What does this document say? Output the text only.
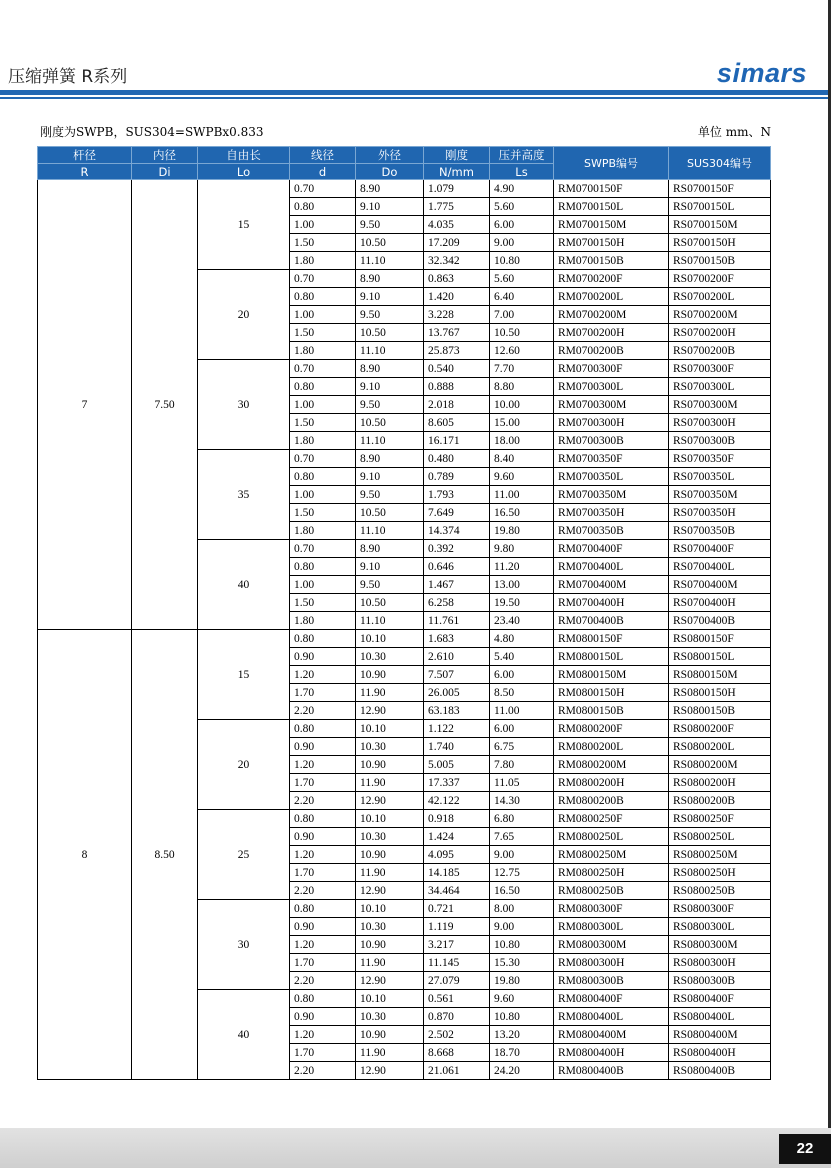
压缩弹簧 R系列	simars
刚度为SWPB，SUS304=SWPBx0.833	单位 mm、N
杆径	内径	自由长	线径	外径	刚度	压并高度	SWPB编号	SUS304编号
R	Di	Lo	d	Do	N/mm	Ls		
7	7.50	15	0.70	8.90	1.079	4.90	RM0700150F	RS0700150F
			0.80	9.10	1.775	5.60	RM0700150L	RS0700150L
			1.00	9.50	4.035	6.00	RM0700150M	RS0700150M
			1.50	10.50	17.209	9.00	RM0700150H	RS0700150H
			1.80	11.10	32.342	10.80	RM0700150B	RS0700150B
		20	0.70	8.90	0.863	5.60	RM0700200F	RS0700200F
			0.80	9.10	1.420	6.40	RM0700200L	RS0700200L
			1.00	9.50	3.228	7.00	RM0700200M	RS0700200M
			1.50	10.50	13.767	10.50	RM0700200H	RS0700200H
			1.80	11.10	25.873	12.60	RM0700200B	RS0700200B
		30	0.70	8.90	0.540	7.70	RM0700300F	RS0700300F
			0.80	9.10	0.888	8.80	RM0700300L	RS0700300L
			1.00	9.50	2.018	10.00	RM0700300M	RS0700300M
			1.50	10.50	8.605	15.00	RM0700300H	RS0700300H
			1.80	11.10	16.171	18.00	RM0700300B	RS0700300B
		35	0.70	8.90	0.480	8.40	RM0700350F	RS0700350F
			0.80	9.10	0.789	9.60	RM0700350L	RS0700350L
			1.00	9.50	1.793	11.00	RM0700350M	RS0700350M
			1.50	10.50	7.649	16.50	RM0700350H	RS0700350H
			1.80	11.10	14.374	19.80	RM0700350B	RS0700350B
		40	0.70	8.90	0.392	9.80	RM0700400F	RS0700400F
			0.80	9.10	0.646	11.20	RM0700400L	RS0700400L
			1.00	9.50	1.467	13.00	RM0700400M	RS0700400M
			1.50	10.50	6.258	19.50	RM0700400H	RS0700400H
			1.80	11.10	11.761	23.40	RM0700400B	RS0700400B
8	8.50	15	0.80	10.10	1.683	4.80	RM0800150F	RS0800150F
			0.90	10.30	2.610	5.40	RM0800150L	RS0800150L
			1.20	10.90	7.507	6.00	RM0800150M	RS0800150M
			1.70	11.90	26.005	8.50	RM0800150H	RS0800150H
			2.20	12.90	63.183	11.00	RM0800150B	RS0800150B
		20	0.80	10.10	1.122	6.00	RM0800200F	RS0800200F
			0.90	10.30	1.740	6.75	RM0800200L	RS0800200L
			1.20	10.90	5.005	7.80	RM0800200M	RS0800200M
			1.70	11.90	17.337	11.05	RM0800200H	RS0800200H
			2.20	12.90	42.122	14.30	RM0800200B	RS0800200B
		25	0.80	10.10	0.918	6.80	RM0800250F	RS0800250F
			0.90	10.30	1.424	7.65	RM0800250L	RS0800250L
			1.20	10.90	4.095	9.00	RM0800250M	RS0800250M
			1.70	11.90	14.185	12.75	RM0800250H	RS0800250H
			2.20	12.90	34.464	16.50	RM0800250B	RS0800250B
		30	0.80	10.10	0.721	8.00	RM0800300F	RS0800300F
			0.90	10.30	1.119	9.00	RM0800300L	RS0800300L
			1.20	10.90	3.217	10.80	RM0800300M	RS0800300M
			1.70	11.90	11.145	15.30	RM0800300H	RS0800300H
			2.20	12.90	27.079	19.80	RM0800300B	RS0800300B
		40	0.80	10.10	0.561	9.60	RM0800400F	RS0800400F
			0.90	10.30	0.870	10.80	RM0800400L	RS0800400L
			1.20	10.90	2.502	13.20	RM0800400M	RS0800400M
			1.70	11.90	8.668	18.70	RM0800400H	RS0800400H
			2.20	12.90	21.061	24.20	RM0800400B	RS0800400B
22
